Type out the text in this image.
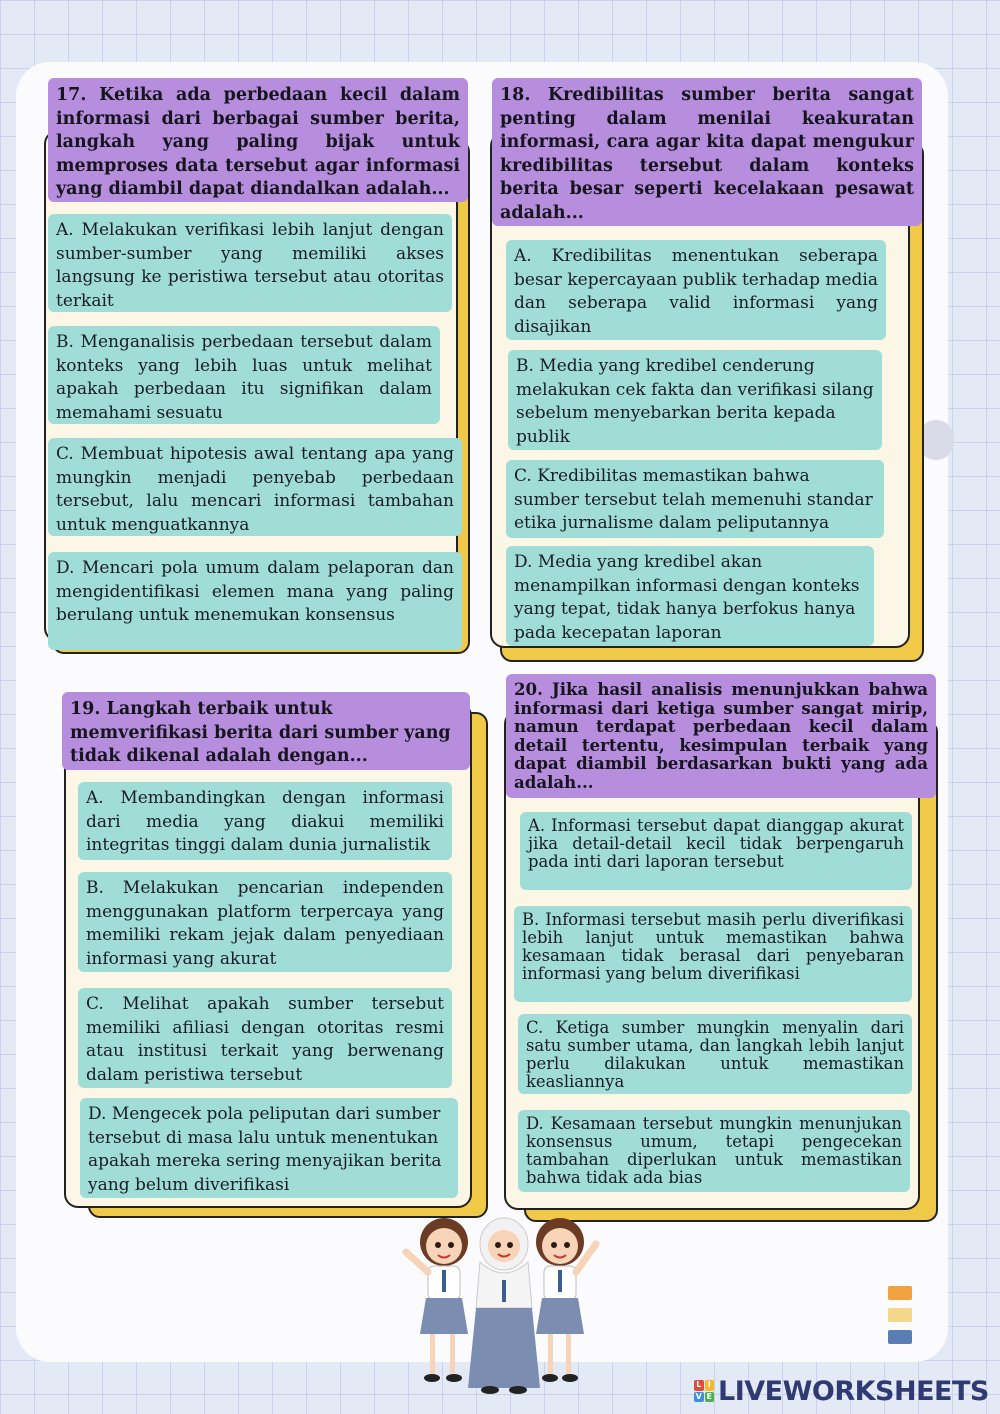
17. Ketika ada perbedaan kecil dalam informasi dari berbagai sumber berita, langkah yang paling bijak untuk memproses data tersebut agar informasi yang diambil dapat diandalkan adalah...
A. Melakukan verifikasi lebih lanjut dengan sumber-sumber yang memiliki akses langsung ke peristiwa tersebut atau otoritas terkait
B. Menganalisis perbedaan tersebut dalam konteks yang lebih luas untuk melihat apakah perbedaan itu signifikan dalam memahami sesuatu
C. Membuat hipotesis awal tentang apa yang mungkin menjadi penyebab perbedaan tersebut, lalu mencari informasi tambahan untuk menguatkannya
D. Mencari pola umum dalam pelaporan dan mengidentifikasi elemen mana yang paling berulang untuk menemukan konsensus
18. Kredibilitas sumber berita sangat penting dalam menilai keakuratan informasi, cara agar kita dapat mengukur kredibilitas tersebut dalam konteks berita besar seperti kecelakaan pesawat adalah...
A. Kredibilitas menentukan seberapa besar kepercayaan publik terhadap media dan seberapa valid informasi yang disajikan
B. Media yang kredibel cenderung melakukan cek fakta dan verifikasi silang sebelum menyebarkan berita kepada publik
C. Kredibilitas memastikan bahwa sumber tersebut telah memenuhi standar etika jurnalisme dalam peliputannya
D. Media yang kredibel akan menampilkan informasi dengan konteks yang tepat, tidak hanya berfokus hanya pada kecepatan laporan
19. Langkah terbaik untuk memverifikasi berita dari sumber yang tidak dikenal adalah dengan...
A. Membandingkan dengan informasi dari media yang diakui memiliki integritas tinggi dalam dunia jurnalistik
B. Melakukan pencarian independen menggunakan platform terpercaya yang memiliki rekam jejak dalam penyediaan informasi yang akurat
C. Melihat apakah sumber tersebut memiliki afiliasi dengan otoritas resmi atau institusi terkait yang berwenang dalam peristiwa tersebut
D. Mengecek pola peliputan dari sumber tersebut di masa lalu untuk menentukan apakah mereka sering menyajikan berita yang belum diverifikasi
20. Jika hasil analisis menunjukkan bahwa informasi dari ketiga sumber sangat mirip, namun terdapat perbedaan kecil dalam detail tertentu, kesimpulan terbaik yang dapat diambil berdasarkan bukti yang ada adalah...
A. Informasi tersebut dapat dianggap akurat jika detail-detail kecil tidak berpengaruh pada inti dari laporan tersebut
B. Informasi tersebut masih perlu diverifikasi lebih lanjut untuk memastikan bahwa kesamaan tidak berasal dari penyebaran informasi yang belum diverifikasi
C. Ketiga sumber mungkin menyalin dari satu sumber utama, dan langkah lebih lanjut perlu dilakukan untuk memastikan keasliannya
D. Kesamaan tersebut mungkin menunjukan konsensus umum, tetapi pengecekan tambahan diperlukan untuk memastikan bahwa tidak ada bias
L I
V E LIVEWORKSHEETS
